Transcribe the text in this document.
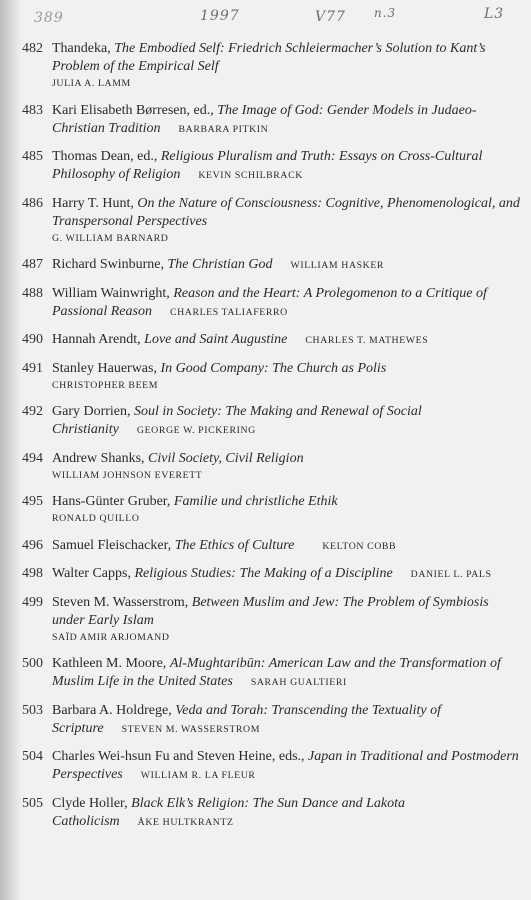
389	1997	V77 n.3	L3
482 Thandeka, The Embodied Self: Friedrich Schleiermacher’s Solution to Kant’s Problem of the Empirical Self
JULIA A. LAMM
483 Kari Elisabeth Børresen, ed., The Image of God: Gender Models in Judaeo-Christian Tradition BARBARA PITKIN
485 Thomas Dean, ed., Religious Pluralism and Truth: Essays on Cross-Cultural Philosophy of Religion KEVIN SCHILBRACK
486 Harry T. Hunt, On the Nature of Consciousness: Cognitive, Phenomenological, and Transpersonal Perspectives
G. WILLIAM BARNARD
487 Richard Swinburne, The Christian God WILLIAM HASKER
488 William Wainwright, Reason and the Heart: A Prolegomenon to a Critique of Passional Reason CHARLES TALIAFERRO
490 Hannah Arendt, Love and Saint Augustine CHARLES T. MATHEWES
491 Stanley Hauerwas, In Good Company: The Church as Polis
CHRISTOPHER BEEM
492 Gary Dorrien, Soul in Society: The Making and Renewal of Social Christianity GEORGE W. PICKERING
494 Andrew Shanks, Civil Society, Civil Religion
WILLIAM JOHNSON EVERETT
495 Hans-Günter Gruber, Familie und christliche Ethik
RONALD QUILLO
496 Samuel Fleischacker, The Ethics of Culture	KELTON COBB
498 Walter Capps, Religious Studies: The Making of a Discipline DANIEL L. PALS
499 Steven M. Wasserstrom, Between Muslim and Jew: The Problem of Symbiosis under Early Islam
SAÏD AMIR ARJOMAND
500 Kathleen M. Moore, Al-Mughtaribūn: American Law and the Transformation of Muslim Life in the United States SARAH GUALTIERI
503 Barbara A. Holdrege, Veda and Torah: Transcending the Textuality of Scripture STEVEN M. WASSERSTROM
504 Charles Wei-hsun Fu and Steven Heine, eds., Japan in Traditional and Postmodern Perspectives WILLIAM R. LA FLEUR
505 Clyde Holler, Black Elk’s Religion: The Sun Dance and Lakota Catholicism ÅKE HULTKRANTZ
